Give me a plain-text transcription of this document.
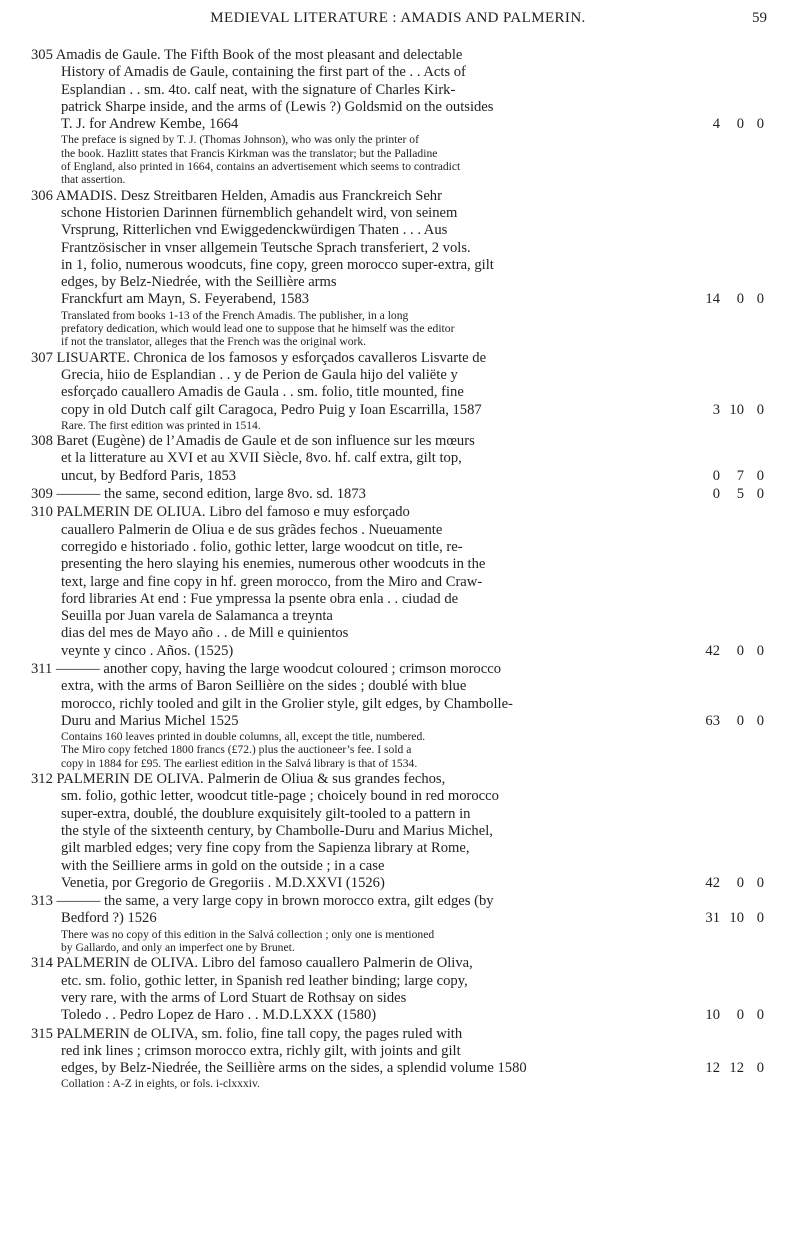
MEDIEVAL LITERATURE : AMADIS AND PALMERIN.	59
305 Amadis de Gaule. The Fifth Book of the most pleasant and delectable
History of Amadis de Gaule, containing the first part of the . . Acts of
Esplandian . . sm. 4to. calf neat, with the signature of Charles Kirk-
patrick Sharpe inside, and the arms of (Lewis ?) Goldsmid on the outsides
T. J. for Andrew Kembe, 1664	4 0 0
The preface is signed by T. J. (Thomas Johnson), who was only the printer of
the book. Hazlitt states that Francis Kirkman was the translator; but the Palladine
of England, also printed in 1664, contains an advertisement which seems to contradict
that assertion.
306 AMADIS. Desz Streitbaren Helden, Amadis aus Franckreich Sehr
schone Historien Darinnen fürnemblich gehandelt wird, von seinem
Vrsprung, Ritterlichen vnd Ewiggedenckwürdigen Thaten . . . Aus
Frantzösischer in vnser allgemein Teutsche Sprach transferiert, 2 vols.
in 1, folio, numerous woodcuts, fine copy, green morocco super-extra, gilt
edges, by Belz-Niedrée, with the Seillière arms
Franckfurt am Mayn, S. Feyerabend, 1583	14 0 0
Translated from books 1-13 of the French Amadis. The publisher, in a long
prefatory dedication, which would lead one to suppose that he himself was the editor
if not the translator, alleges that the French was the original work.
307 LISUARTE. Chronica de los famosos y esforçados cavalleros Lisvarte de
Grecia, hiio de Esplandian . . y de Perion de Gaula hijo del valiëte y
esforçado cauallero Amadis de Gaula . . sm. folio, title mounted, fine
copy in old Dutch calf gilt Caragoca, Pedro Puig y Ioan Escarrilla, 1587	3 10 0
Rare. The first edition was printed in 1514.
308 Baret (Eugène) de l’Amadis de Gaule et de son influence sur les mœurs
et la litterature au XVI et au XVII Siècle, 8vo. hf. calf extra, gilt top,
uncut, by Bedford Paris, 1853	0 7 0
309 ——— the same, second edition, large 8vo. sd. 1873	0 5 0
310 PALMERIN DE OLIUA. Libro del famoso e muy esforçado
cauallero Palmerin de Oliua e de sus grãdes fechos . Nueuamente
corregido e historiado . folio, gothic letter, large woodcut on title, re-
presenting the hero slaying his enemies, numerous other woodcuts in the
text, large and fine copy in hf. green morocco, from the Miro and Craw-
ford libraries At end : Fue ympressa la psente obra enla . . ciudad de
Seuilla por Juan varela de Salamanca a treynta
dias del mes de Mayo año . . de Mill e quinientos
veynte y cinco . Años. (1525)	42 0 0
311 ——— another copy, having the large woodcut coloured ; crimson morocco
extra, with the arms of Baron Seillière on the sides ; doublé with blue
morocco, richly tooled and gilt in the Grolier style, gilt edges, by Chambolle-
Duru and Marius Michel 1525	63 0 0
Contains 160 leaves printed in double columns, all, except the title, numbered.
The Miro copy fetched 1800 francs (£72.) plus the auctioneer’s fee. I sold a
copy in 1884 for £95. The earliest edition in the Salvá library is that of 1534.
312 PALMERIN DE OLIVA. Palmerin de Oliua & sus grandes fechos,
sm. folio, gothic letter, woodcut title-page ; choicely bound in red morocco
super-extra, doublé, the doublure exquisitely gilt-tooled to a pattern in
the style of the sixteenth century, by Chambolle-Duru and Marius Michel,
gilt marbled edges; very fine copy from the Sapienza library at Rome,
with the Seilliere arms in gold on the outside ; in a case
Venetia, por Gregorio de Gregoriis . M.D.XXVI (1526)	42 0 0
313 ——— the same, a very large copy in brown morocco extra, gilt edges (by
Bedford ?) 1526	31 10 0
There was no copy of this edition in the Salvá collection ; only one is mentioned
by Gallardo, and only an imperfect one by Brunet.
314 PALMERIN de OLIVA. Libro del famoso cauallero Palmerin de Oliva,
etc. sm. folio, gothic letter, in Spanish red leather binding; large copy,
very rare, with the arms of Lord Stuart de Rothsay on sides
Toledo . . Pedro Lopez de Haro . . M.D.LXXX (1580)	10 0 0
315 PALMERIN de OLIVA, sm. folio, fine tall copy, the pages ruled with
red ink lines ; crimson morocco extra, richly gilt, with joints and gilt
edges, by Belz-Niedrée, the Seillière arms on the sides, a splendid volume 1580	12 12 0
Collation : A-Z in eights, or fols. i-clxxxiv.
